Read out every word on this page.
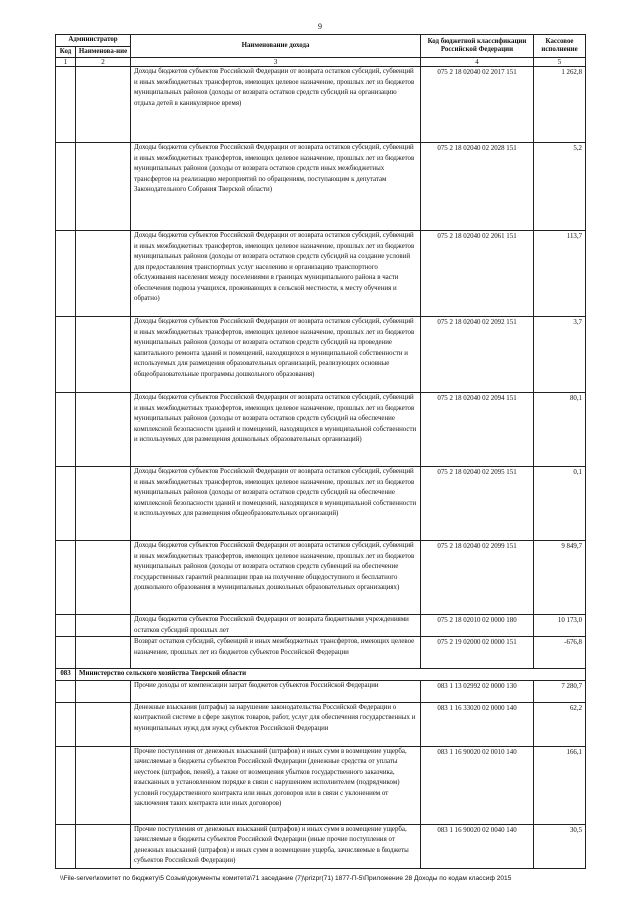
9
Администратор		Наименование дохода	Код бюджетной классификации Российской Федерации	Кассовое исполнение
Код	Наименова-ние			
1	2	3	4	5
		Доходы бюджетов субъектов Российской Федерации от возврата остатков субсидий, субвенций и иных межбюджетных трансфертов, имеющих целевое назначение, прошлых лет из бюджетов муниципальных районов (доходы от возврата остатков средств субсидий на организацию отдыха детей в каникулярное время)	075 2 18 02040 02 2017 151	1 262,8
		Доходы бюджетов субъектов Российской Федерации от возврата остатков субсидий, субвенций и иных межбюджетных трансфертов, имеющих целевое назначение, прошлых лет из бюджетов муниципальных районов (доходы от возврата остатков средств иных межбюджетных трансфертов на реализацию мероприятий по обращениям, поступающим к депутатам Законодательного Собрания Тверской области)	075 2 18 02040 02 2028 151	5,2
		Доходы бюджетов субъектов Российской Федерации от возврата остатков субсидий, субвенций и иных межбюджетных трансфертов, имеющих целевое назначение, прошлых лет из бюджетов муниципальных районов (доходы от возврата остатков средств субсидий на создание условий для предоставления транспортных услуг населению и организацию транспортного обслуживания населения между поселениями в границах муниципального района в части обеспечения подвоза учащихся, проживающих в сельской местности, к месту обучения и обратно)	075 2 18 02040 02 2061 151	113,7
		Доходы бюджетов субъектов Российской Федерации от возврата остатков субсидий, субвенций и иных межбюджетных трансфертов, имеющих целевое назначение, прошлых лет из бюджетов муниципальных районов (доходы от возврата остатков средств субсидий на проведение капитального ремонта зданий и помещений, находящихся в муниципальной собственности и используемых для размещения образовательных организаций, реализующих основные общеобразовательные программы дошкольного образования)	075 2 18 02040 02 2092 151	3,7
		Доходы бюджетов субъектов Российской Федерации от возврата остатков субсидий, субвенций и иных межбюджетных трансфертов, имеющих целевое назначение, прошлых лет из бюджетов муниципальных районов (доходы от возврата остатков средств субсидий на обеспечение комплексной безопасности зданий и помещений, находящихся в муниципальной собственности и используемых для размещения дошкольных образовательных организаций)	075 2 18 02040 02 2094 151	80,1
		Доходы бюджетов субъектов Российской Федерации от возврата остатков субсидий, субвенций и иных межбюджетных трансфертов, имеющих целевое назначение, прошлых лет из бюджетов муниципальных районов (доходы от возврата остатков средств субсидий на обеспечение комплексной безопасности зданий и помещений, находящихся в муниципальной собственности и используемых для размещения общеобразовательных организаций)	075 2 18 02040 02 2095 151	0,1
		Доходы бюджетов субъектов Российской Федерации от возврата остатков субсидий, субвенций и иных межбюджетных трансфертов, имеющих целевое назначение, прошлых лет из бюджетов муниципальных районов (доходы от возврата остатков средств субвенций на обеспечение государственных гарантий реализации прав на получение общедоступного и бесплатного дошкольного образования в муниципальных дошкольных образовательных организациях)	075 2 18 02040 02 2099 151	9 849,7
		Доходы бюджетов субъектов Российской Федерации от возврата бюджетными учреждениями остатков субсидий прошлых лет	075 2 18 02010 02 0000 180	10 173,0
		Возврат остатков субсидий, субвенций и иных межбюджетных трансфертов, имеющих целевое назначение, прошлых лет из бюджетов субъектов Российской Федерации	075 2 19 02000 02 0000 151	-676,8
083	Министерство сельского хозяйства Тверской области			
		Прочие доходы от компенсации затрат бюджетов субъектов Российской Федерации	083 1 13 02992 02 0000 130	7 280,7
		Денежные взыскания (штрафы) за нарушение законодательства Российской Федерации о контрактной системе в сфере закупок товаров, работ, услуг для обеспечения государственных и муниципальных нужд для нужд субъектов Российской Федерации	083 1 16 33020 02 0000 140	62,2
		Прочие поступления от денежных взысканий (штрафов) и иных сумм в возмещение ущерба, зачисляемые в бюджеты субъектов Российской Федерации (денежные средства от уплаты неустоек (штрафов, пеней), а также от возмещения убытков государственного заказчика, взысканных в установленном порядке в связи с нарушением исполнителем (подрядчиком) условий государственного контракта или иных договоров или в связи с уклонением от заключения таких контракта или иных договоров)	083 1 16 90020 02 0010 140	166,1
		Прочие поступления от денежных взысканий (штрафов) и иных сумм в возмещение ущерба, зачисляемые в бюджеты субъектов Российской Федерации (иные прочие поступления от денежных взысканий (штрафов) и иных сумм в возмещение ущерба, зачисляемые в бюджеты субъектов Российской Федерации)	083 1 16 90020 02 0040 140	30,5
\\File-server\комитет по бюджету\5 Созыв\документы комитета\71 заседание (7)\prizpr(71) 1877-П-5\Приложение 28 Доходы по кодам классиф 2015
